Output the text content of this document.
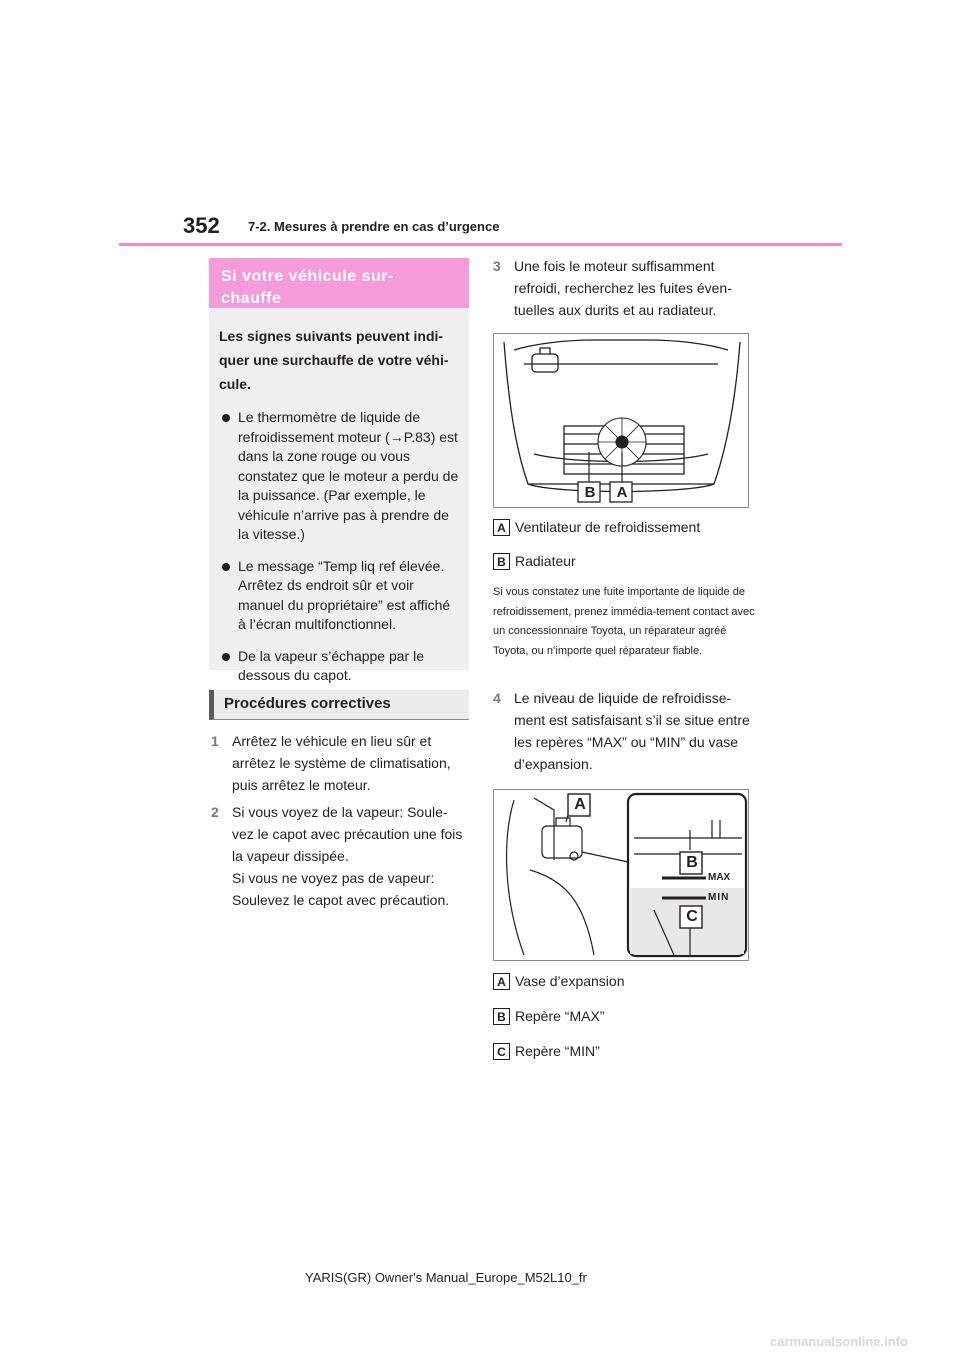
352 7-2. Mesures à prendre en cas d’urgence
Si votre véhicule sur-
chauffe
Les signes suivants peuvent indi-quer une surchauffe de votre véhi-cule.
Le thermomètre de liquide de refroidissement moteur (→P.83) est dans la zone rouge ou vous constatez que le moteur a perdu de la puissance. (Par exemple, le véhicule n’arrive pas à prendre de la vitesse.)
Le message “Temp liq ref élevée. Arrêtez ds endroit sûr et voir manuel du propriétaire” est affiché à l’écran multifonctionnel.
De la vapeur s’échappe par le dessous du capot.
Procédures correctives
1 Arrêtez le véhicule en lieu sûr et arrêtez le système de climatisation, puis arrêtez le moteur.
2 Si vous voyez de la vapeur: Soule-vez le capot avec précaution une fois la vapeur dissipée.
Si vous ne voyez pas de vapeur: Soulevez le capot avec précaution.
3 Une fois le moteur suffisamment refroidi, recherchez les fuites éven-tuelles aux durits et au radiateur.
B	A
A Ventilateur de refroidissement
B Radiateur
Si vous constatez une fuite importante de liquide de refroidissement, prenez immédia-tement contact avec un concessionnaire Toyota, un réparateur agréé Toyota, ou n’importe quel réparateur fiable.
4 Le niveau de liquide de refroidisse-ment est satisfaisant s’il se situe entre les repères “MAX” ou “MIN” du vase d’expansion.
A
B
C
MAX
MIN
A Vase d’expansion
B Repère “MAX”
C Repère “MIN”
YARIS(GR) Owner's Manual_Europe_M52L10_fr
carmanualsonline.info
